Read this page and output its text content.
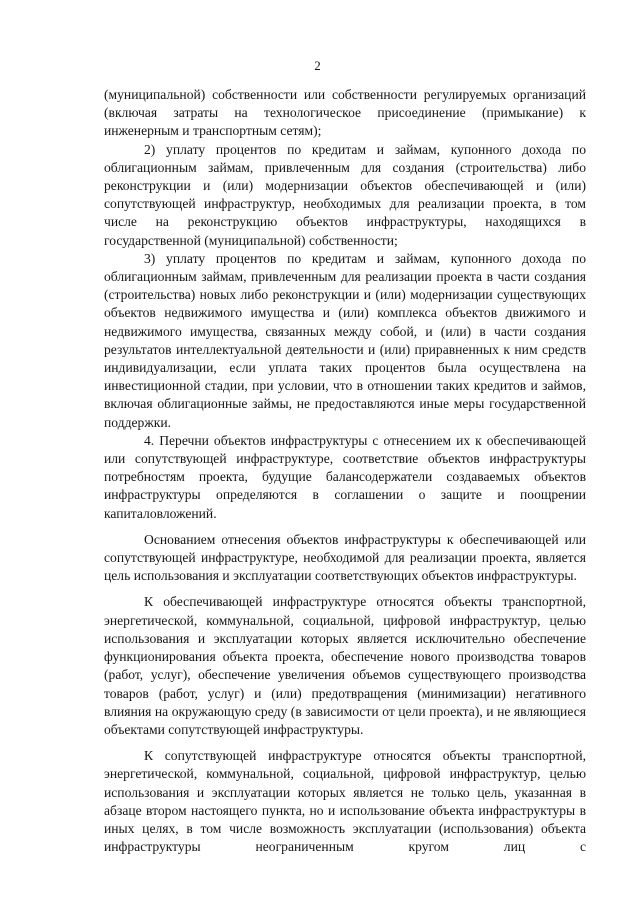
2

(муниципальной) собственности или собственности регулируемых организаций (включая затраты на технологическое присоединение (примыкание) к инженерным и транспортным сетям);

2) уплату процентов по кредитам и займам, купонного дохода по облигационным займам, привлеченным для создания (строительства) либо реконструкции и (или) модернизации объектов обеспечивающей и (или) сопутствующей инфраструктур, необходимых для реализации проекта, в том числе на реконструкцию объектов инфраструктуры, находящихся в государственной (муниципальной) собственности;

3) уплату процентов по кредитам и займам, купонного дохода по облигационным займам, привлеченным для реализации проекта в части создания (строительства) новых либо реконструкции и (или) модернизации существующих объектов недвижимого имущества и (или) комплекса объектов движимого и недвижимого имущества, связанных между собой, и (или) в части создания результатов интеллектуальной деятельности и (или) приравненных к ним средств индивидуализации, если уплата таких процентов была осуществлена на инвестиционной стадии, при условии, что в отношении таких кредитов и займов, включая облигационные займы, не предоставляются иные меры государственной поддержки.

4. Перечни объектов инфраструктуры с отнесением их к обеспечивающей или сопутствующей инфраструктуре, соответствие объектов инфраструктуры потребностям проекта, будущие балансодержатели создаваемых объектов инфраструктуры определяются в соглашении о защите и поощрении капиталовложений.

Основанием отнесения объектов инфраструктуры к обеспечивающей или сопутствующей инфраструктуре, необходимой для реализации проекта, является цель использования и эксплуатации соответствующих объектов инфраструктуры.

К обеспечивающей инфраструктуре относятся объекты транспортной, энергетической, коммунальной, социальной, цифровой инфраструктур, целью использования и эксплуатации которых является исключительно обеспечение функционирования объекта проекта, обеспечение нового производства товаров (работ, услуг), обеспечение увеличения объемов существующего производства товаров (работ, услуг) и (или) предотвращения (минимизации) негативного влияния на окружающую среду (в зависимости от цели проекта), и не являющиеся объектами сопутствующей инфраструктуры.

К сопутствующей инфраструктуре относятся объекты транспортной, энергетической, коммунальной, социальной, цифровой инфраструктур, целью использования и эксплуатации которых является не только цель, указанная в абзаце втором настоящего пункта, но и использование объекта инфраструктуры в иных целях, в том числе возможность эксплуатации (использования) объекта инфраструктуры неограниченным кругом лиц с
